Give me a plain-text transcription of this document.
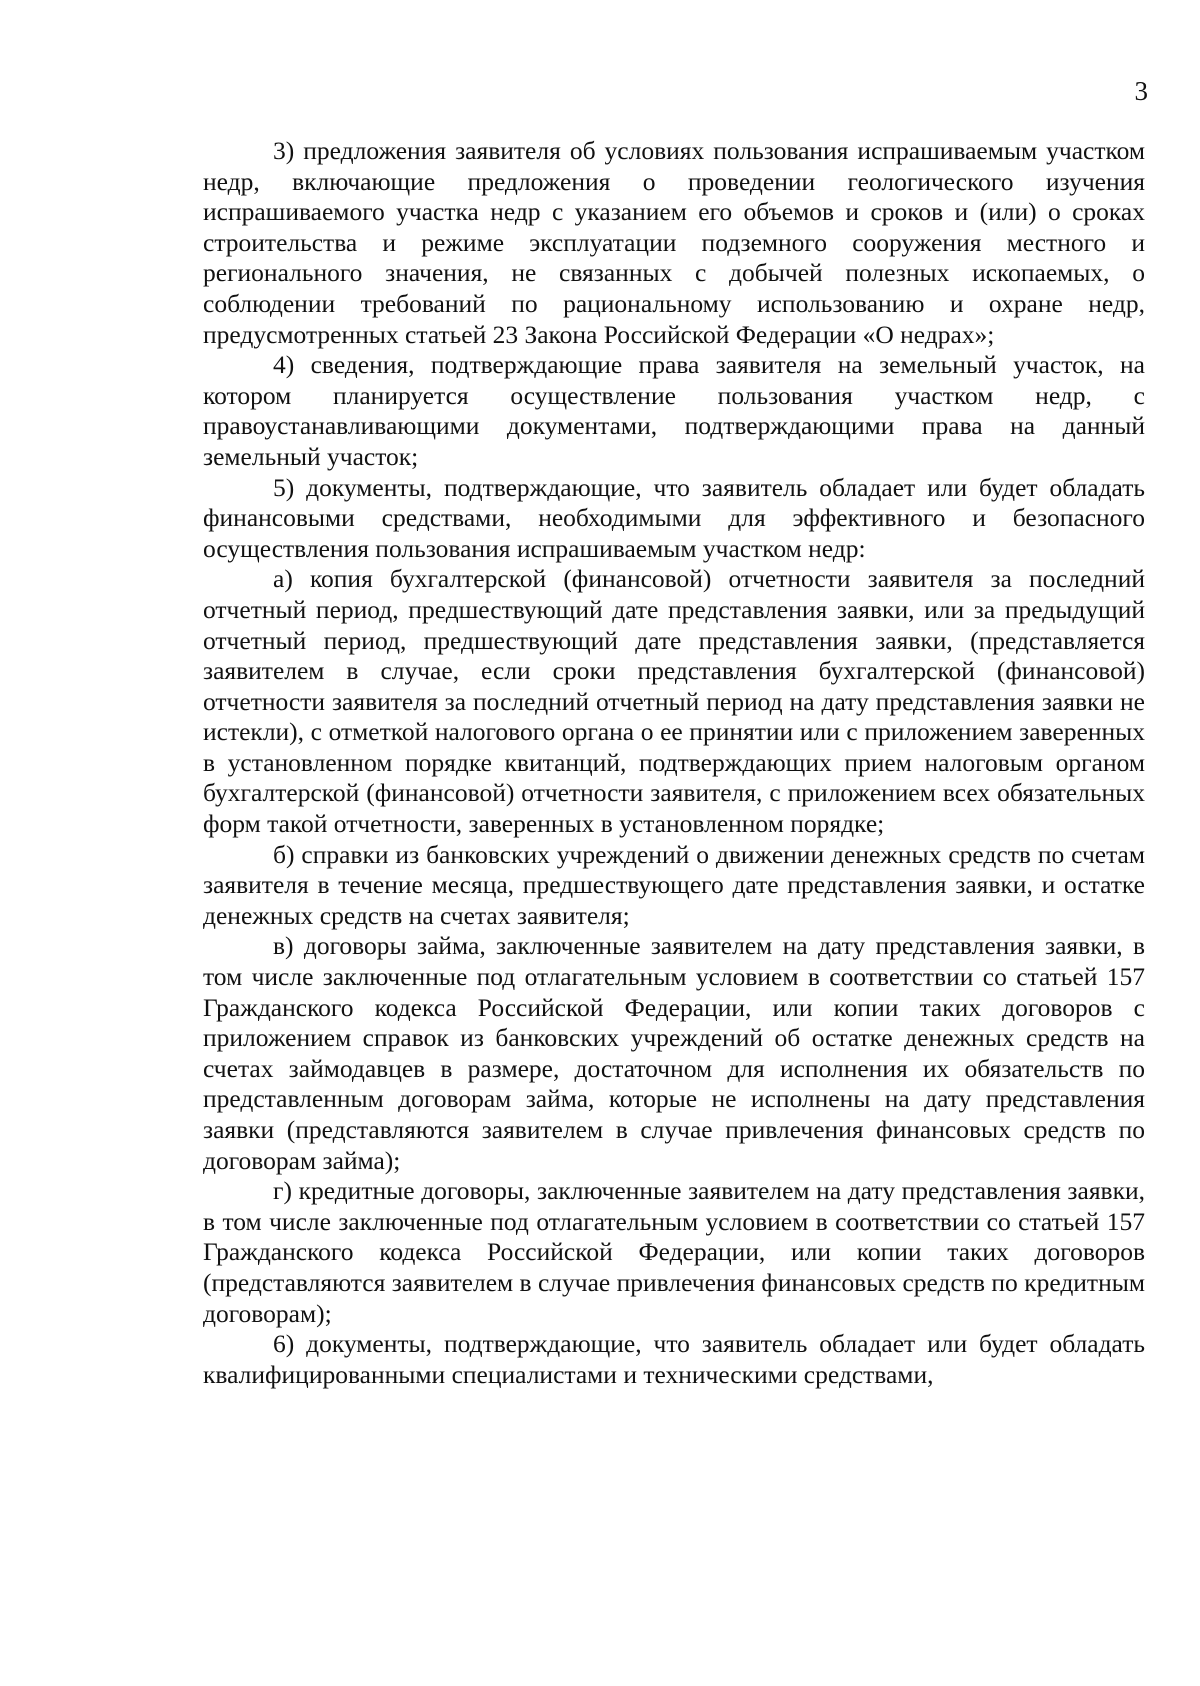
3

3) предложения заявителя об условиях пользования испрашиваемым участком недр, включающие предложения о проведении геологического изучения испрашиваемого участка недр с указанием его объемов и сроков и (или) о сроках строительства и режиме эксплуатации подземного сооружения местного и регионального значения, не связанных с добычей полезных ископаемых, о соблюдении требований по рациональному использованию и охране недр, предусмотренных статьей 23 Закона Российской Федерации «О недрах»;

4) сведения, подтверждающие права заявителя на земельный участок, на котором планируется осуществление пользования участком недр, с правоустанавливающими документами, подтверждающими права на данный земельный участок;

5) документы, подтверждающие, что заявитель обладает или будет обладать финансовыми средствами, необходимыми для эффективного и безопасного осуществления пользования испрашиваемым участком недр:

а) копия бухгалтерской (финансовой) отчетности заявителя за последний отчетный период, предшествующий дате представления заявки, или за предыдущий отчетный период, предшествующий дате представления заявки, (представляется заявителем в случае, если сроки представления бухгалтерской (финансовой) отчетности заявителя за последний отчетный период на дату представления заявки не истекли), с отметкой налогового органа о ее принятии или с приложением заверенных в установленном порядке квитанций, подтверждающих прием налоговым органом бухгалтерской (финансовой) отчетности заявителя, с приложением всех обязательных форм такой отчетности, заверенных в установленном порядке;

б) справки из банковских учреждений о движении денежных средств по счетам заявителя в течение месяца, предшествующего дате представления заявки, и остатке денежных средств на счетах заявителя;

в) договоры займа, заключенные заявителем на дату представления заявки, в том числе заключенные под отлагательным условием в соответствии со статьей 157 Гражданского кодекса Российской Федерации, или копии таких договоров с приложением справок из банковских учреждений об остатке денежных средств на счетах займодавцев в размере, достаточном для исполнения их обязательств по представленным договорам займа, которые не исполнены на дату представления заявки (представляются заявителем в случае привлечения финансовых средств по договорам займа);

г) кредитные договоры, заключенные заявителем на дату представления заявки, в том числе заключенные под отлагательным условием в соответствии со статьей 157 Гражданского кодекса Российской Федерации, или копии таких договоров (представляются заявителем в случае привлечения финансовых средств по кредитным договорам);

6) документы, подтверждающие, что заявитель обладает или будет обладать квалифицированными специалистами и техническими средствами,
